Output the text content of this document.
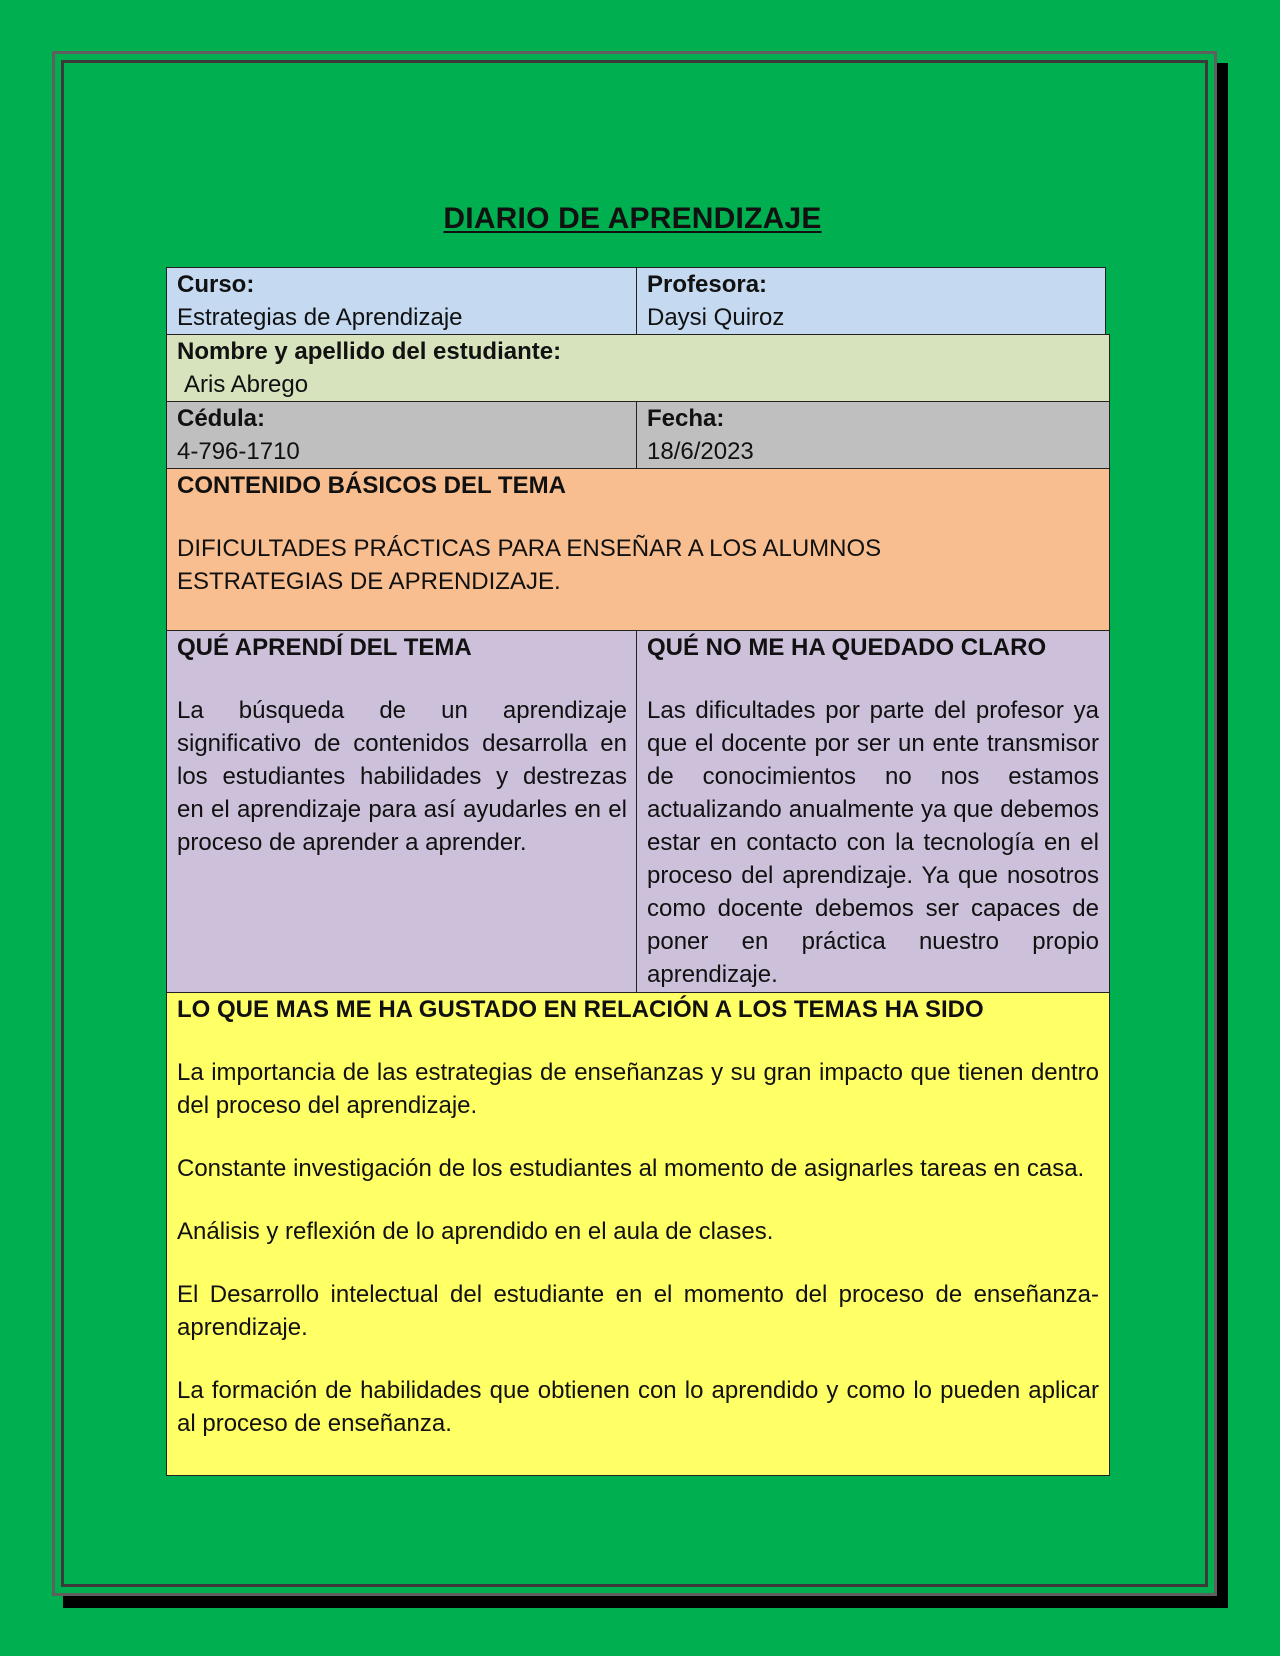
DIARIO DE APRENDIZAJE
Curso:
Estrategias de Aprendizaje
Profesora:
Daysi Quiroz
Nombre y apellido del estudiante:
Aris Abrego
Cédula:
4-796-1710
Fecha:
18/6/2023
CONTENIDO BÁSICOS DEL TEMA
DIFICULTADES PRÁCTICAS PARA ENSEÑAR A LOS ALUMNOS ESTRATEGIAS DE APRENDIZAJE.
QUÉ APRENDÍ DEL TEMA
La búsqueda de un aprendizaje significativo de contenidos desarrolla en los estudiantes habilidades y destrezas en el aprendizaje para así ayudarles en el proceso de aprender a aprender.
QUÉ NO ME HA QUEDADO CLARO
Las dificultades por parte del profesor ya que el docente por ser un ente transmisor de conocimientos no nos estamos actualizando anualmente ya que debemos estar en contacto con la tecnología en el proceso del aprendizaje. Ya que nosotros como docente debemos ser capaces de poner en práctica nuestro propio aprendizaje.
LO QUE MAS ME HA GUSTADO EN RELACIÓN A LOS TEMAS HA SIDO
La importancia de las estrategias de enseñanzas y su gran impacto que tienen dentro del proceso del aprendizaje.
Constante investigación de los estudiantes al momento de asignarles tareas en casa.
Análisis y reflexión de lo aprendido en el aula de clases.
El Desarrollo intelectual del estudiante en el momento del proceso de enseñanza-aprendizaje.
La formación de habilidades que obtienen con lo aprendido y como lo pueden aplicar al proceso de enseñanza.
